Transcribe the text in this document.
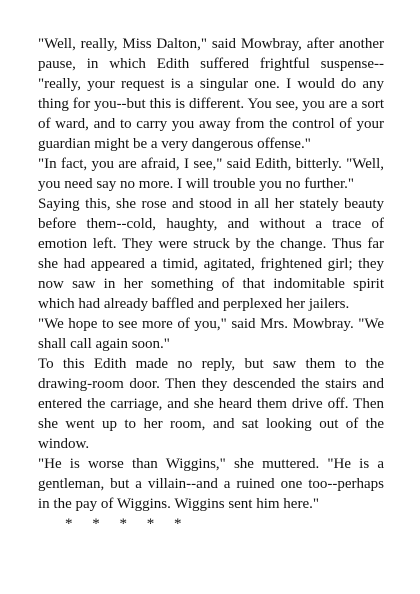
"Well, really, Miss Dalton," said Mowbray, after another pause, in which Edith suffered frightful suspense--"really, your request is a singular one. I would do any thing for you--but this is different. You see, you are a sort of ward, and to carry you away from the control of your guardian might be a very dangerous offense."

"In fact, you are afraid, I see," said Edith, bitterly. "Well, you need say no more. I will trouble you no further."

Saying this, she rose and stood in all her stately beauty before them--cold, haughty, and without a trace of emotion left. They were struck by the change. Thus far she had appeared a timid, agitated, frightened girl; they now saw in her something of that indomitable spirit which had already baffled and perplexed her jailers.

"We hope to see more of you," said Mrs. Mowbray. "We shall call again soon."

To this Edith made no reply, but saw them to the drawing-room door. Then they descended the stairs and entered the carriage, and she heard them drive off. Then she went up to her room, and sat looking out of the window.

"He is worse than Wiggins," she muttered. "He is a gentleman, but a villain--and a ruined one too--perhaps in the pay of Wiggins. Wiggins sent him here."

* * * * *
